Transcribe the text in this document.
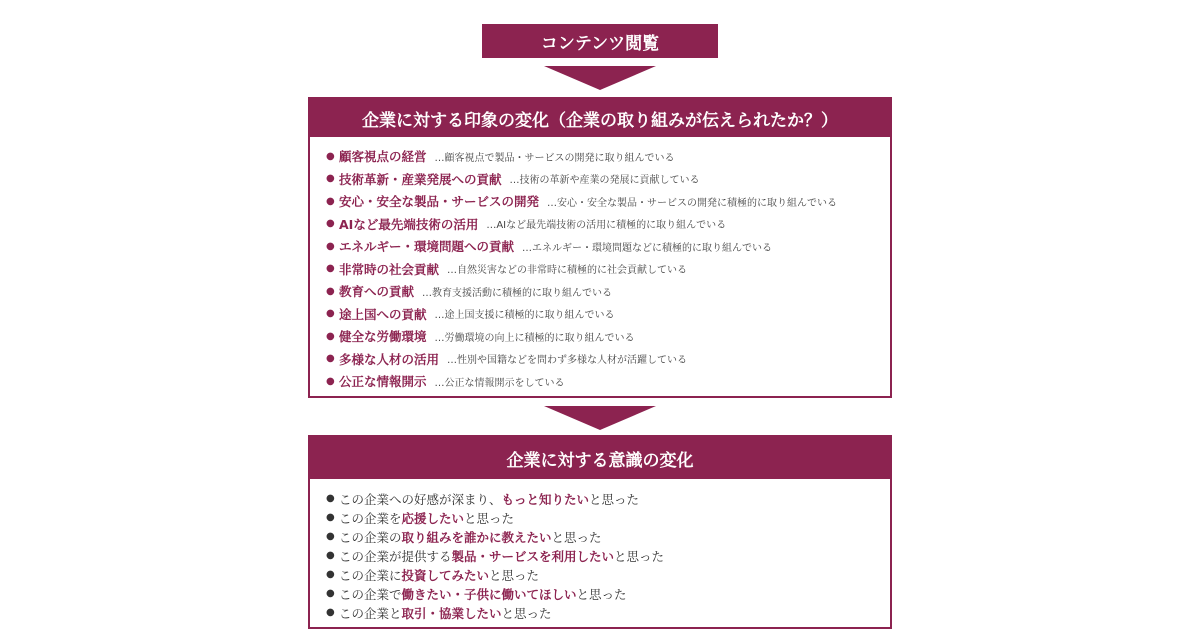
コンテンツ閲覧
企業に対する印象の変化（企業の取り組みが伝えられたか？）
● 顧客視点の経営 …顧客視点で製品・サービスの開発に取り組んでいる
● 技術革新・産業発展への貢献 …技術の革新や産業の発展に貢献している
● 安心・安全な製品・サービスの開発 …安心・安全な製品・サービスの開発に積極的に取り組んでいる
● AIなど最先端技術の活用 …AIなど最先端技術の活用に積極的に取り組んでいる
● エネルギー・環境問題への貢献 …エネルギー・環境問題などに積極的に取り組んでいる
● 非常時の社会貢献 …自然災害などの非常時に積極的に社会貢献している
● 教育への貢献 …教育支援活動に積極的に取り組んでいる
● 途上国への貢献 …途上国支援に積極的に取り組んでいる
● 健全な労働環境 …労働環境の向上に積極的に取り組んでいる
● 多様な人材の活用 …性別や国籍などを問わず多様な人材が活躍している
● 公正な情報開示 …公正な情報開示をしている
企業に対する意識の変化
● この企業への好感が深まり、 もっと知りたい と思った
● この企業を 応援したい と思った
● この企業の 取り組みを誰かに教えたい と思った
● この企業が提供する 製品・サービスを利用したい と思った
● この企業に 投資してみたい と思った
● この企業で 働きたい・子供に働いてほしい と思った
● この企業と 取引・協業したい と思った
